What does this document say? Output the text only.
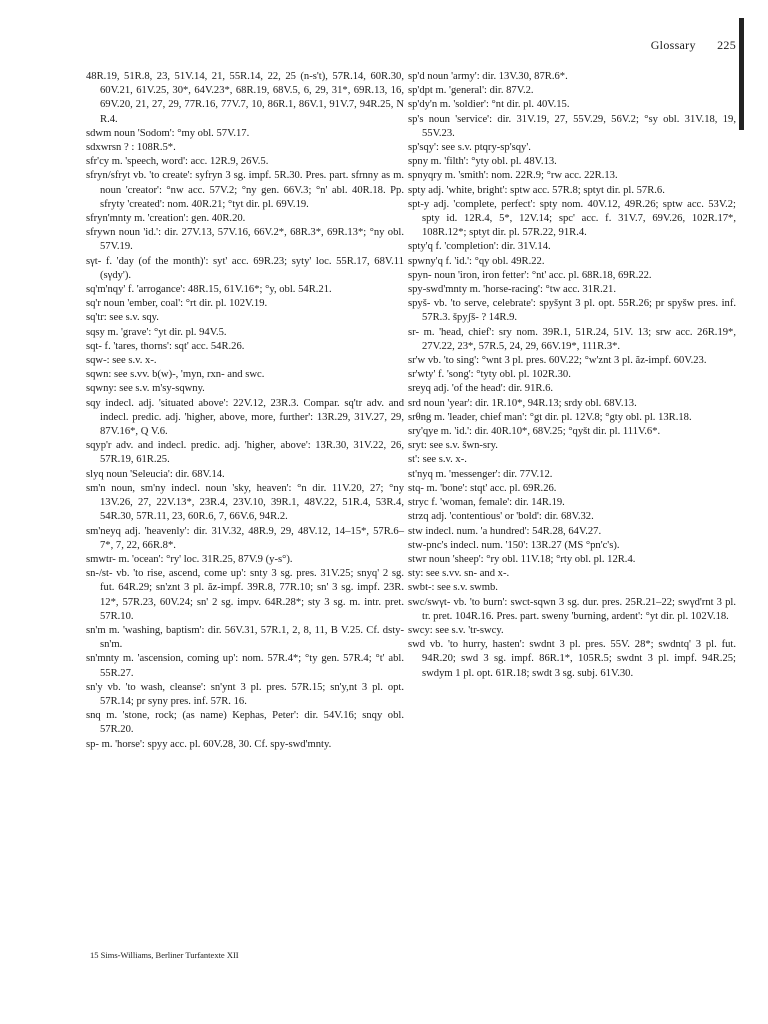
Glossary 225

48R.19, 51R.8, 23, 51V.14, 21, 55R.14, 22, 25 (n-s't), 57R.14, 60R.30, 60V.21, 61V.25, 30*, 64V.23*, 68R.19, 68V.5, 6, 29, 31*, 69R.13, 16, 69V.20, 21, 27, 29, 77R.16, 77V.7, 10, 86R.1, 86V.1, 91V.7, 94R.25, N R.4.

sdwm noun 'Sodom': °my obl. 57V.17.

sdxwrsn ? : 108R.5*.

sfr'cy m. 'speech, word': acc. 12R.9, 26V.5.

sfryn/sfryt vb. 'to create': syfryn 3 sg. impf. 5R.30. Pres. part. sfrnny as m. noun 'creator': °nw acc. 57V.2; °ny gen. 66V.3; °n' abl. 40R.18. Pp. sfryty 'created': nom. 40R.21; °tyt dir. pl. 69V.19.

sfryn'mnty m. 'creation': gen. 40R.20.

sfrywn noun 'id.': dir. 27V.13, 57V.16, 66V.2*, 68R.3*, 69R.13*; °ny obl. 57V.19.

sγt- f. 'day (of the month)': syt' acc. 69R.23; syty' loc. 55R.17, 68V.11 (sγdy').

sq'm'nqy' f. 'arrogance': 48R.15, 61V.16*; °y, obl. 54R.21.

sq'r noun 'ember, coal': °rt dir. pl. 102V.19.

sq'tr: see s.v. sqy.

sqsy m. 'grave': °yt dir. pl. 94V.5.

sqt- f. 'tares, thorns': sqt' acc. 54R.26.

sqw-: see s.v. x-.

sqwn: see s.vv. b(w)-, 'myn, rxn- and swc.

sqwny: see s.v. m'sy-sqwny.

sqy indecl. adj. 'situated above': 22V.12, 23R.3. Compar. sq'tr adv. and indecl. predic. adj. 'higher, above, more, further': 13R.29, 31V.27, 29, 87V.16*, Q V.6.

sqyp'r adv. and indecl. predic. adj. 'higher, above': 13R.30, 31V.22, 26, 57R.19, 61R.25.

slyq noun 'Seleucia': dir. 68V.14.

sm'n noun, sm'ny indecl. noun 'sky, heaven': °n dir. 11V.20, 27; °ny 13V.26, 27, 22V.13*, 23R.4, 23V.10, 39R.1, 48V.22, 51R.4, 53R.4, 54R.30, 57R.11, 23, 60R.6, 7, 66V.6, 94R.2.

sm'neyq adj. 'heavenly': dir. 31V.32, 48R.9, 29, 48V.12, 14–15*, 57R.6–7*, 7, 22, 66R.8*.

smwtr- m. 'ocean': °ry' loc. 31R.25, 87V.9 (y-s°).

sn-/st- vb. 'to rise, ascend, come up': snty 3 sg. pres. 31V.25; snyq' 2 sg. fut. 64R.29; sn'znt 3 pl. ăz-impf. 39R.8, 77R.10; sn' 3 sg. impf. 23R. 12*, 57R.23, 60V.24; sn' 2 sg. impv. 64R.28*; sty 3 sg. m. intr. pret. 57R.10.

sn'm m. 'washing, baptism': dir. 56V.31, 57R.1, 2, 8, 11, B V.25. Cf. dsty-sn'm.

sn'mnty m. 'ascension, coming up': nom. 57R.4*; °ty gen. 57R.4; °t' abl. 55R.27.

sn'y vb. 'to wash, cleanse': sn'ynt 3 pl. pres. 57R.15; sn'y,nt 3 pl. opt. 57R.14; pr syny pres. inf. 57R. 16.

snq m. 'stone, rock; (as name) Kephas, Peter': dir. 54V.16; snqy obl. 57R.20.

sp- m. 'horse': spyy acc. pl. 60V.28, 30. Cf. spy-swd'mnty.

sp'd noun 'army': dir. 13V.30, 87R.6*.

sp'dpt m. 'general': dir. 87V.2.

sp'dy'n m. 'soldier': °nt dir. pl. 40V.15.

sp's noun 'service': dir. 31V.19, 27, 55V.29, 56V.2; °sy obl. 31V.18, 19, 55V.23.

sp'sqy': see s.v. ptqry-sp'sqy'.

spny m. 'filth': °yty obl. pl. 48V.13.

spnyqry m. 'smith': nom. 22R.9; °rw acc. 22R.13.

spty adj. 'white, bright': sptw acc. 57R.8; sptyt dir. pl. 57R.6.

spt-y adj. 'complete, perfect': spty nom. 40V.12, 49R.26; sptw acc. 53V.2; spty id. 12R.4, 5*, 12V.14; spc' acc. f. 31V.7, 69V.26, 102R.17*, 108R.12*; sptyt dir. pl. 57R.22, 91R.4.

spty'q f. 'completion': dir. 31V.14.

spwny'q f. 'id.': °qy obl. 49R.22.

spyn- noun 'iron, iron fetter': °nt' acc. pl. 68R.18, 69R.22.

spy-swd'mnty m. 'horse-racing': °tw acc. 31R.21.

spyš- vb. 'to serve, celebrate': spyšynt 3 pl. opt. 55R.26; pr spyšw pres. inf. 57R.3. špyʃš- ? 14R.9.

sr- m. 'head, chief': sry nom. 39R.1, 51R.24, 51V. 13; srw acc. 26R.19*, 27V.22, 23*, 57R.5, 24, 29, 66V.19*, 111R.3*.

sr'w vb. 'to sing': °wnt 3 pl. pres. 60V.22; °w'znt 3 pl. ăz-impf. 60V.23.

sr'wty' f. 'song': °tyty obl. pl. 102R.30.

sreyq adj. 'of the head': dir. 91R.6.

srd noun 'year': dir. 1R.10*, 94R.13; srdy obl. 68V.13.

srθng m. 'leader, chief man': °gt dir. pl. 12V.8; °gty obl. pl. 13R.18.

sry'qye m. 'id.': dir. 40R.10*, 68V.25; °qyšt dir. pl. 111V.6*.

sryt: see s.v. šwn-sry.

st': see s.v. x-.

st'nyq m. 'messenger': dir. 77V.12.

stq- m. 'bone': stqt' acc. pl. 69R.26.

stryc f. 'woman, female': dir. 14R.19.

strzq adj. 'contentious' or 'bold': dir. 68V.32.

stw indecl. num. 'a hundred': 54R.28, 64V.27.

stw-pnc's indecl. num. '150': 13R.27 (MS °pn'c's).

stwr noun 'sheep': °ry obl. 11V.18; °rty obl. pl. 12R.4.

sty: see s.vv. sn- and x-.

swbt-: see s.v. swmb.

swc/swγt- vb. 'to burn': swct-sqwn 3 sg. dur. pres. 25R.21–22; swγd'rnt 3 pl. tr. pret. 104R.16. Pres. part. sweny 'burning, ardent': °yt dir. pl. 102V.18.

swcy: see s.v. 'tr-swcy.

swd vb. 'to hurry, hasten': swdnt 3 pl. pres. 55V. 28*; swdntq' 3 pl. fut. 94R.20; swd 3 sg. impf. 86R.1*, 105R.5; swdnt 3 pl. impf. 94R.25; swdym 1 pl. opt. 61R.18; swdt 3 sg. subj. 61V.30.

15 Sims-Williams, Berliner Turfantexte XII
